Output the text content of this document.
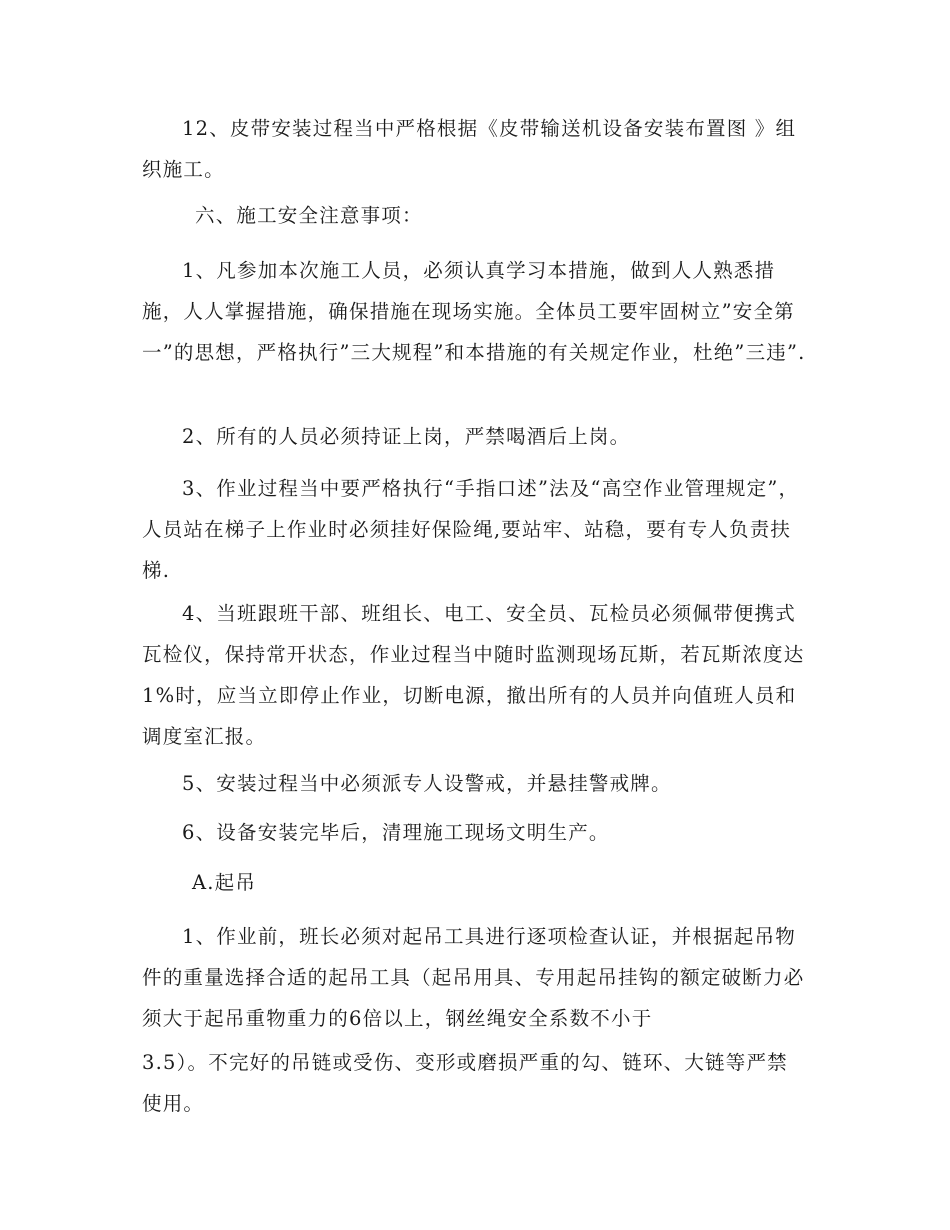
12、皮带安装过程当中严格根据《皮带输送机设备安装布置图 》组织施工。

六、施工安全注意事项：

1、凡参加本次施工人员，必须认真学习本措施，做到人人熟悉措施，人人掌握措施，确保措施在现场实施。全体员工要牢固树立”安全第一”的思想，严格执行”三大规程”和本措施的有关规定作业，杜绝”三违”.

2、所有的人员必须持证上岗，严禁喝酒后上岗。

3、作业过程当中要严格执行“手指口述”法及“高空作业管理规定”，人员站在梯子上作业时必须挂好保险绳,要站牢、站稳，要有专人负责扶梯.

4、当班跟班干部、班组长、电工、安全员、瓦检员必须佩带便携式瓦检仪，保持常开状态，作业过程当中随时监测现场瓦斯，若瓦斯浓度达1%时，应当立即停止作业，切断电源，撤出所有的人员并向值班人员和调度室汇报。

5、安装过程当中必须派专人设警戒，并悬挂警戒牌。

6、设备安装完毕后，清理施工现场文明生产。

A.起吊

1、作业前，班长必须对起吊工具进行逐项检查认证，并根据起吊物件的重量选择合适的起吊工具（起吊用具、专用起吊挂钩的额定破断力必须大于起吊重物重力的6倍以上，钢丝绳安全系数不小于

3.5）。不完好的吊链或受伤、变形或磨损严重的勾、链环、大链等严禁使用。
